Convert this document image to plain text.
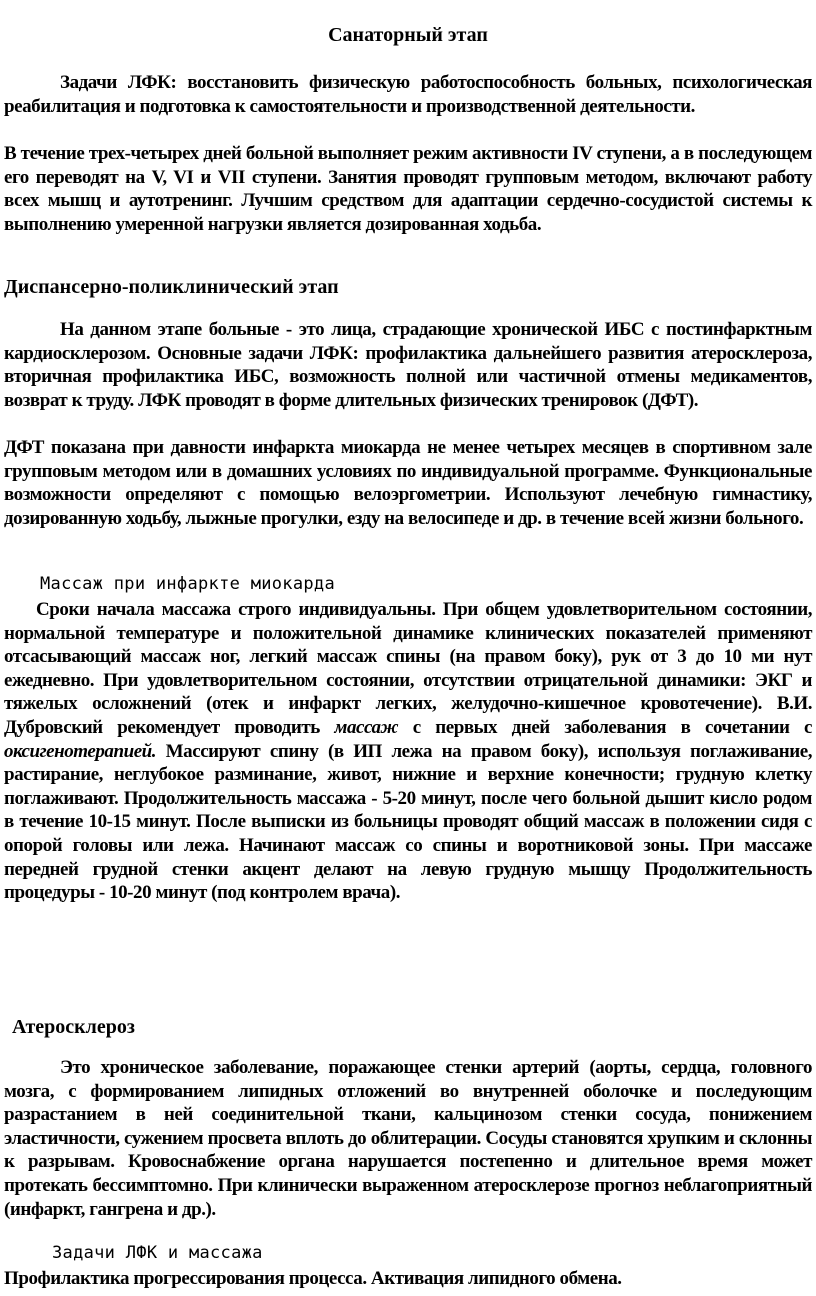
Санаторный этап
Задачи ЛФК: восстановить физическую работоспособность больных, психологическая реабилитация и подготовка к самостоятельности и производственной деятельности.
В течение трех-четырех дней больной выполняет режим активности IV ступени, а в последующем его переводят на V, VI и VII ступени. Занятия проводят групповым методом, включают работу всех мышц и аутотренинг. Лучшим средством для адаптации сердечно-сосудистой системы к выполнению умеренной нагрузки является дозированная ходьба.
Диспансерно-поликлинический этап
На данном этапе больные - это лица, страдающие хронической ИБС с постинфарктным кардиосклерозом. Основные задачи ЛФК: профилактика дальнейшего развития атеросклероза, вторичная профилактика ИБС, возможность полной или частичной отмены медикаментов, возврат к труду. ЛФК проводят в форме длительных физических тренировок (ДФТ).
ДФТ показана при давности инфаркта миокарда не менее четырех месяцев в спортивном зале групповым методом или в домашних условиях по индивидуальной программе. Функциональные возможности определяют с помощью велоэргометрии. Используют лечебную гимнастику, дозированную ходьбу, лыжные прогулки, езду на велосипеде и др. в течение всей жизни больного.
Массаж при инфаркте миокарда
Сроки начала массажа строго индивидуальны. При общем удовлетворительном состоянии, нормальной температуре и положительной динамике клинических показателей применяют отсасывающий массаж ног, легкий массаж спины (на правом боку), рук от 3 до 10 ми нут ежедневно. При удовлетворительном состоянии, отсутствии отрицательной динамики: ЭКГ и тяжелых осложнений (отек и инфаркт легких, желудочно-кишечное кровотечение). В.И. Дубровский рекомендует проводить массаж с первых дней заболевания в сочетании с оксигенотерапией. Массируют спину (в ИП лежа на правом боку), используя поглаживание, растирание, неглубокое разминание, живот, нижние и верхние конечности; грудную клетку поглаживают. Продолжительность массажа - 5-20 минут, после чего больной дышит кисло родом в течение 10-15 минут. После выписки из больницы проводят общий массаж в положении сидя с опорой головы или лежа. Начинают массаж со спины и воротниковой зоны. При массаже передней грудной стенки акцент делают на левую грудную мышцу Продолжительность процедуры - 10-20 минут (под контролем врача).
Атеросклероз
Это хроническое заболевание, поражающее стенки артерий (аорты, сердца, головного мозга, с формированием липидных отложений во внутренней оболочке и последующим разрастанием в ней соединительной ткани, кальцинозом стенки сосуда, понижением эластичности, сужением просвета вплоть до облитерации. Сосуды становятся хрупким и склонны к разрывам. Кровоснабжение органа нарушается постепенно и длительное время может протекать бессимптомно. При клинически выраженном атеросклерозе прогноз неблагоприятный (инфаркт, гангрена и др.).
Задачи ЛФК и массажа
Профилактика прогрессирования процесса. Активация липидного обмена.
